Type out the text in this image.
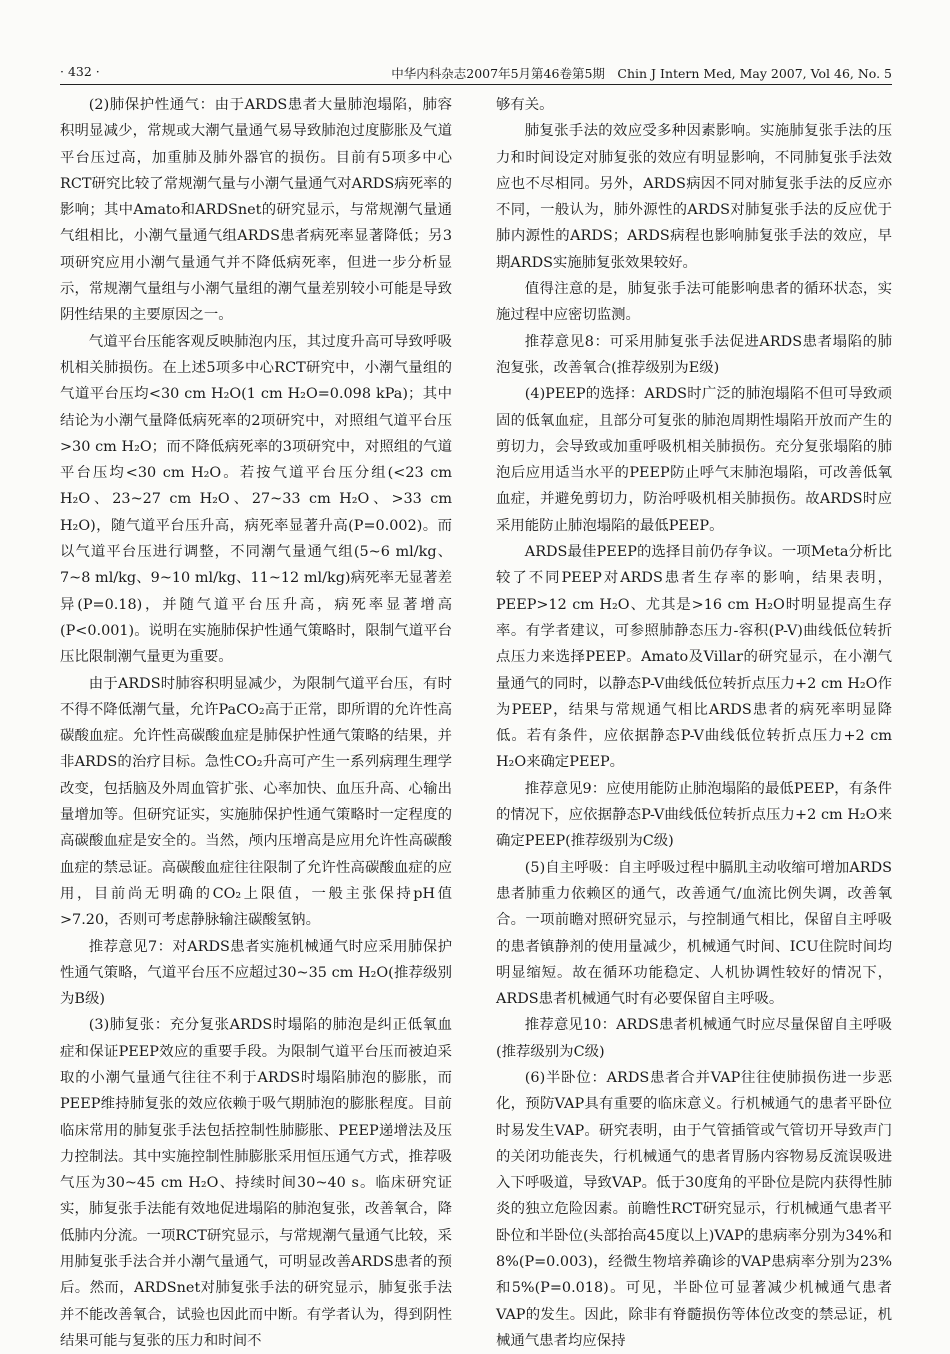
· 432 ·	中华内科杂志2007年5月第46卷第5期　Chin J Intern Med, May 2007, Vol 46, No. 5

(2)肺保护性通气：由于ARDS患者大量肺泡塌陷，肺容积明显减少，常规或大潮气量通气易导致肺泡过度膨胀及气道平台压过高，加重肺及肺外器官的损伤。目前有5项多中心RCT研究比较了常规潮气量与小潮气量通气对ARDS病死率的影响；其中Amato和ARDSnet的研究显示，与常规潮气量通气组相比，小潮气量通气组ARDS患者病死率显著降低；另3项研究应用小潮气量通气并不降低病死率，但进一步分析显示，常规潮气量组与小潮气量组的潮气量差别较小可能是导致阴性结果的主要原因之一。

气道平台压能客观反映肺泡内压，其过度升高可导致呼吸机相关肺损伤。在上述5项多中心RCT研究中，小潮气量组的气道平台压均<30 cm H₂O(1 cm H₂O=0.098 kPa)；其中结论为小潮气量降低病死率的2项研究中，对照组气道平台压>30 cm H₂O；而不降低病死率的3项研究中，对照组的气道平台压均<30 cm H₂O。若按气道平台压分组(<23 cm H₂O、23~27 cm H₂O、27~33 cm H₂O、>33 cm H₂O)，随气道平台压升高，病死率显著升高(P=0.002)。而以气道平台压进行调整，不同潮气量通气组(5~6 ml/kg、7~8 ml/kg、9~10 ml/kg、11~12 ml/kg)病死率无显著差异(P=0.18)，并随气道平台压升高，病死率显著增高(P<0.001)。说明在实施肺保护性通气策略时，限制气道平台压比限制潮气量更为重要。

由于ARDS时肺容积明显减少，为限制气道平台压，有时不得不降低潮气量，允许PaCO₂高于正常，即所谓的允许性高碳酸血症。允许性高碳酸血症是肺保护性通气策略的结果，并非ARDS的治疗目标。急性CO₂升高可产生一系列病理生理学改变，包括脑及外周血管扩张、心率加快、血压升高、心输出量增加等。但研究证实，实施肺保护性通气策略时一定程度的高碳酸血症是安全的。当然，颅内压增高是应用允许性高碳酸血症的禁忌证。高碳酸血症往往限制了允许性高碳酸血症的应用，目前尚无明确的CO₂上限值，一般主张保持pH值>7.20，否则可考虑静脉输注碳酸氢钠。

推荐意见7：对ARDS患者实施机械通气时应采用肺保护性通气策略，气道平台压不应超过30~35 cm H₂O(推荐级别为B级)

(3)肺复张：充分复张ARDS时塌陷的肺泡是纠正低氧血症和保证PEEP效应的重要手段。为限制气道平台压而被迫采取的小潮气量通气往往不利于ARDS时塌陷肺泡的膨胀，而PEEP维持肺复张的效应依赖于吸气期肺泡的膨胀程度。目前临床常用的肺复张手法包括控制性肺膨胀、PEEP递增法及压力控制法。其中实施控制性肺膨胀采用恒压通气方式，推荐吸气压为30~45 cm H₂O、持续时间30~40 s。临床研究证实，肺复张手法能有效地促进塌陷的肺泡复张，改善氧合，降低肺内分流。一项RCT研究显示，与常规潮气量通气比较，采用肺复张手法合并小潮气量通气，可明显改善ARDS患者的预后。然而，ARDSnet对肺复张手法的研究显示，肺复张手法并不能改善氧合，试验也因此而中断。有学者认为，得到阴性结果可能与复张的压力和时间不

够有关。

肺复张手法的效应受多种因素影响。实施肺复张手法的压力和时间设定对肺复张的效应有明显影响，不同肺复张手法效应也不尽相同。另外，ARDS病因不同对肺复张手法的反应亦不同，一般认为，肺外源性的ARDS对肺复张手法的反应优于肺内源性的ARDS；ARDS病程也影响肺复张手法的效应，早期ARDS实施肺复张效果较好。

值得注意的是，肺复张手法可能影响患者的循环状态，实施过程中应密切监测。

推荐意见8：可采用肺复张手法促进ARDS患者塌陷的肺泡复张，改善氧合(推荐级别为E级)

(4)PEEP的选择：ARDS时广泛的肺泡塌陷不但可导致顽固的低氧血症，且部分可复张的肺泡周期性塌陷开放而产生的剪切力，会导致或加重呼吸机相关肺损伤。充分复张塌陷的肺泡后应用适当水平的PEEP防止呼气末肺泡塌陷，可改善低氧血症，并避免剪切力，防治呼吸机相关肺损伤。故ARDS时应采用能防止肺泡塌陷的最低PEEP。

ARDS最佳PEEP的选择目前仍存争议。一项Meta分析比较了不同PEEP对ARDS患者生存率的影响，结果表明，PEEP>12 cm H₂O、尤其是>16 cm H₂O时明显提高生存率。有学者建议，可参照肺静态压力-容积(P-V)曲线低位转折点压力来选择PEEP。Amato及Villar的研究显示，在小潮气量通气的同时，以静态P-V曲线低位转折点压力+2 cm H₂O作为PEEP，结果与常规通气相比ARDS患者的病死率明显降低。若有条件，应依据静态P-V曲线低位转折点压力+2 cm H₂O来确定PEEP。

推荐意见9：应使用能防止肺泡塌陷的最低PEEP，有条件的情况下，应依据静态P-V曲线低位转折点压力+2 cm H₂O来确定PEEP(推荐级别为C级)

(5)自主呼吸：自主呼吸过程中膈肌主动收缩可增加ARDS患者肺重力依赖区的通气，改善通气/血流比例失调，改善氧合。一项前瞻对照研究显示，与控制通气相比，保留自主呼吸的患者镇静剂的使用量减少，机械通气时间、ICU住院时间均明显缩短。故在循环功能稳定、人机协调性较好的情况下，ARDS患者机械通气时有必要保留自主呼吸。

推荐意见10：ARDS患者机械通气时应尽量保留自主呼吸(推荐级别为C级)

(6)半卧位：ARDS患者合并VAP往往使肺损伤进一步恶化，预防VAP具有重要的临床意义。行机械通气的患者平卧位时易发生VAP。研究表明，由于气管插管或气管切开导致声门的关闭功能丧失，行机械通气的患者胃肠内容物易反流误吸进入下呼吸道，导致VAP。低于30度角的平卧位是院内获得性肺炎的独立危险因素。前瞻性RCT研究显示，行机械通气患者平卧位和半卧位(头部抬高45度以上)VAP的患病率分别为34%和8%(P=0.003)，经微生物培养确诊的VAP患病率分别为23%和5%(P=0.018)。可见，半卧位可显著减少机械通气患者VAP的发生。因此，除非有脊髓损伤等体位改变的禁忌证，机械通气患者均应保持
